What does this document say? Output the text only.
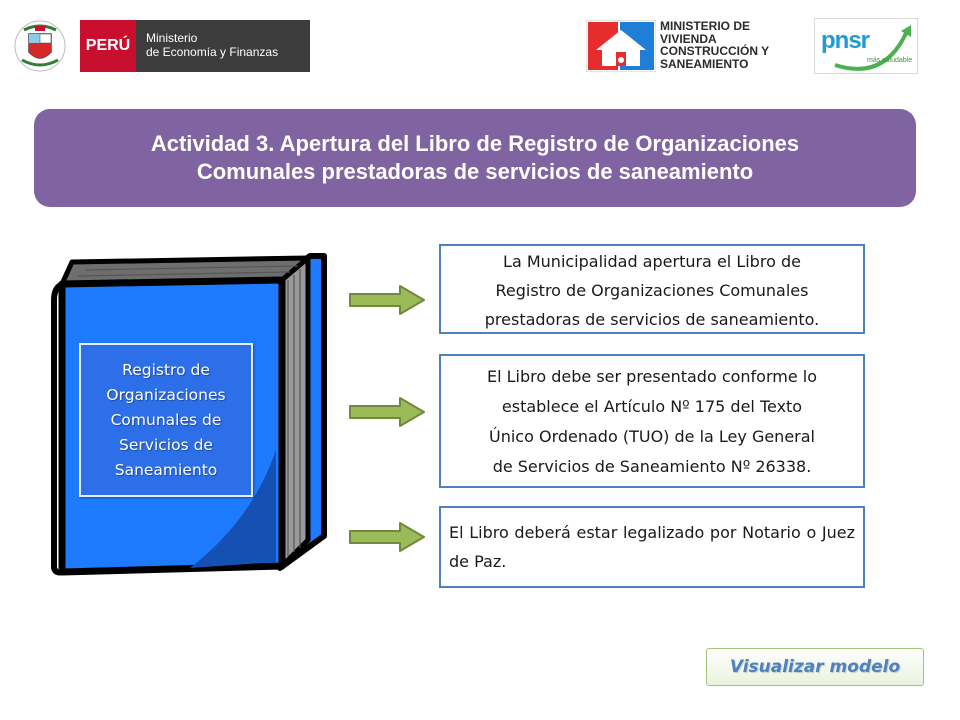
PERÚ	Ministerio
de Economía y Finanzas
MINISTERIO DE
VIVIENDA
CONSTRUCCIÓN Y
SANEAMIENTO
pnsr
más saludable
Actividad 3. Apertura del Libro de Registro de Organizaciones
Comunales prestadoras de servicios de saneamiento
Registro de
Organizaciones
Comunales de
Servicios de
Saneamiento
La Municipalidad apertura el Libro de
Registro de Organizaciones Comunales
prestadoras de servicios de saneamiento.
El Libro debe ser presentado conforme lo
establece el Artículo Nº 175 del Texto
Único Ordenado (TUO) de la Ley General
de Servicios de Saneamiento Nº 26338.
El Libro deberá estar legalizado por Notario o Juez de Paz.
Visualizar modelo
